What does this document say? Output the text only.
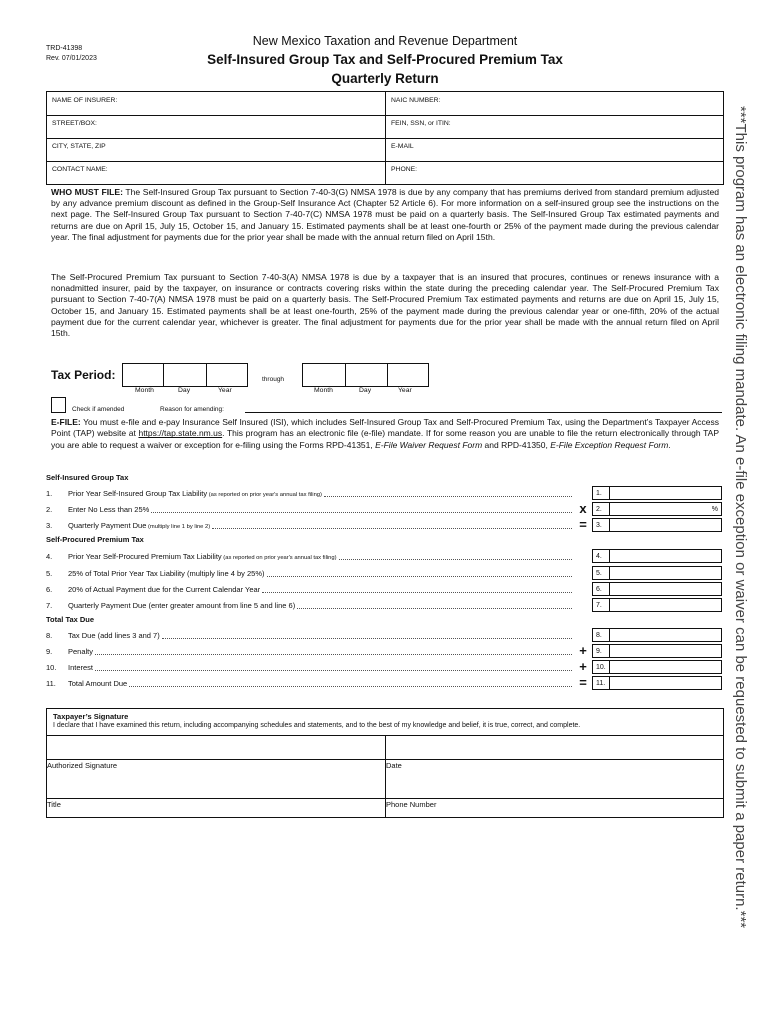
TRD-41398
Rev. 07/01/2023
New Mexico Taxation and Revenue Department
Self-Insured Group Tax and Self-Procured Premium Tax
Quarterly Return
NAME OF INSURER:	NAIC NUMBER:
STREET/BOX:	FEIN, SSN, or ITIN:
CITY, STATE, ZIP	E-MAIL
CONTACT NAME:	PHONE:
WHO MUST FILE: The Self-Insured Group Tax pursuant to Section 7-40-3(G) NMSA 1978 is due by any company that has premiums derived from standard premium adjusted by any advance premium discount as defined in the Group-Self Insurance Act (Chapter 52 Article 6). For more information on a self-insured group see the instructions on the next page. The Self-Insured Group Tax pursuant to Section 7-40-7(C) NMSA 1978 must be paid on a quarterly basis. The Self-Insured Group Tax estimated payments and returns are due on April 15, July 15, October 15, and January 15. Estimated payments shall be at least one-fourth or 25% of the payment made during the previous calendar year. The final adjustment for payments due for the prior year shall be made with the annual return filed on April 15th.
The Self-Procured Premium Tax pursuant to Section 7-40-3(A) NMSA 1978 is due by a taxpayer that is an insured that procures, continues or renews insurance with a nonadmitted insurer, paid by the taxpayer, on insurance or contracts covering risks within the state during the preceding calendar year. The Self-Procured Premium Tax pursuant to Section 7-40-7(A) NMSA 1978 must be paid on a quarterly basis. The Self-Procured Premium Tax estimated payments and returns are due on April 15, July 15, October 15, and January 15. Estimated payments shall be at least one-fourth, 25% of the payment made during the previous calendar year or one-fifth, 20% of the actual payment due for the current calendar year, whichever is greater. The final adjustment for payments due for the prior year shall be made with the annual return filed on April 15th.
Tax Period:	through
Month	Day	Year	Month	Day	Year
Check if amended	Reason for amending:
E-FILE: You must e-file and e-pay Insurance Self Insured (ISI), which includes Self-Insured Group Tax and Self-Procured Premium Tax, using the Department’s Taxpayer Access Point (TAP) website at https://tap.state.nm.us. This program has an electronic file (e-file) mandate. If for some reason you are unable to file the return electronically through TAP you are able to request a waiver or exception for e-filing using the Forms RPD-41351, E-File Waiver Request Form and RPD-41350, E-File Exception Request Form.
Self-Insured Group Tax
Self-Procured Premium Tax
Total Tax Due
1.	Prior Year Self-Insured Group Tax Liability (as reported on prior year's annual tax filing)
2.	Enter No Less than 25%
3.	Quarterly Payment Due (multiply line 1 by line 2)
4.	Prior Year Self-Procured Premium Tax Liability (as reported on prior year's annual tax filing)
5.	25% of Total Prior Year Tax Liability (multiply line 4 by 25%)
6.	20% of Actual Payment due for the Current Calendar Year
7.	Quarterly Payment Due (enter greater amount from line 5 and line 6)
8.	Tax Due (add lines 3 and 7)
9.	Penalty
10.	Interest
11.	Total Amount Due
Taxpayer’s Signature
I declare that I have examined this return, including accompanying schedules and statements, and to the best of my knowledge and belief, it is true, correct, and complete.
Authorized Signature	Date
Title	Phone Number	***This program has an electronic filing mandate. An e-file exception or waiver can be requested to submit a paper return.***
1.
x	2.	%
=	3.
4.
5.
6.
7.
8.
+	9.
+	10.
=	11.
